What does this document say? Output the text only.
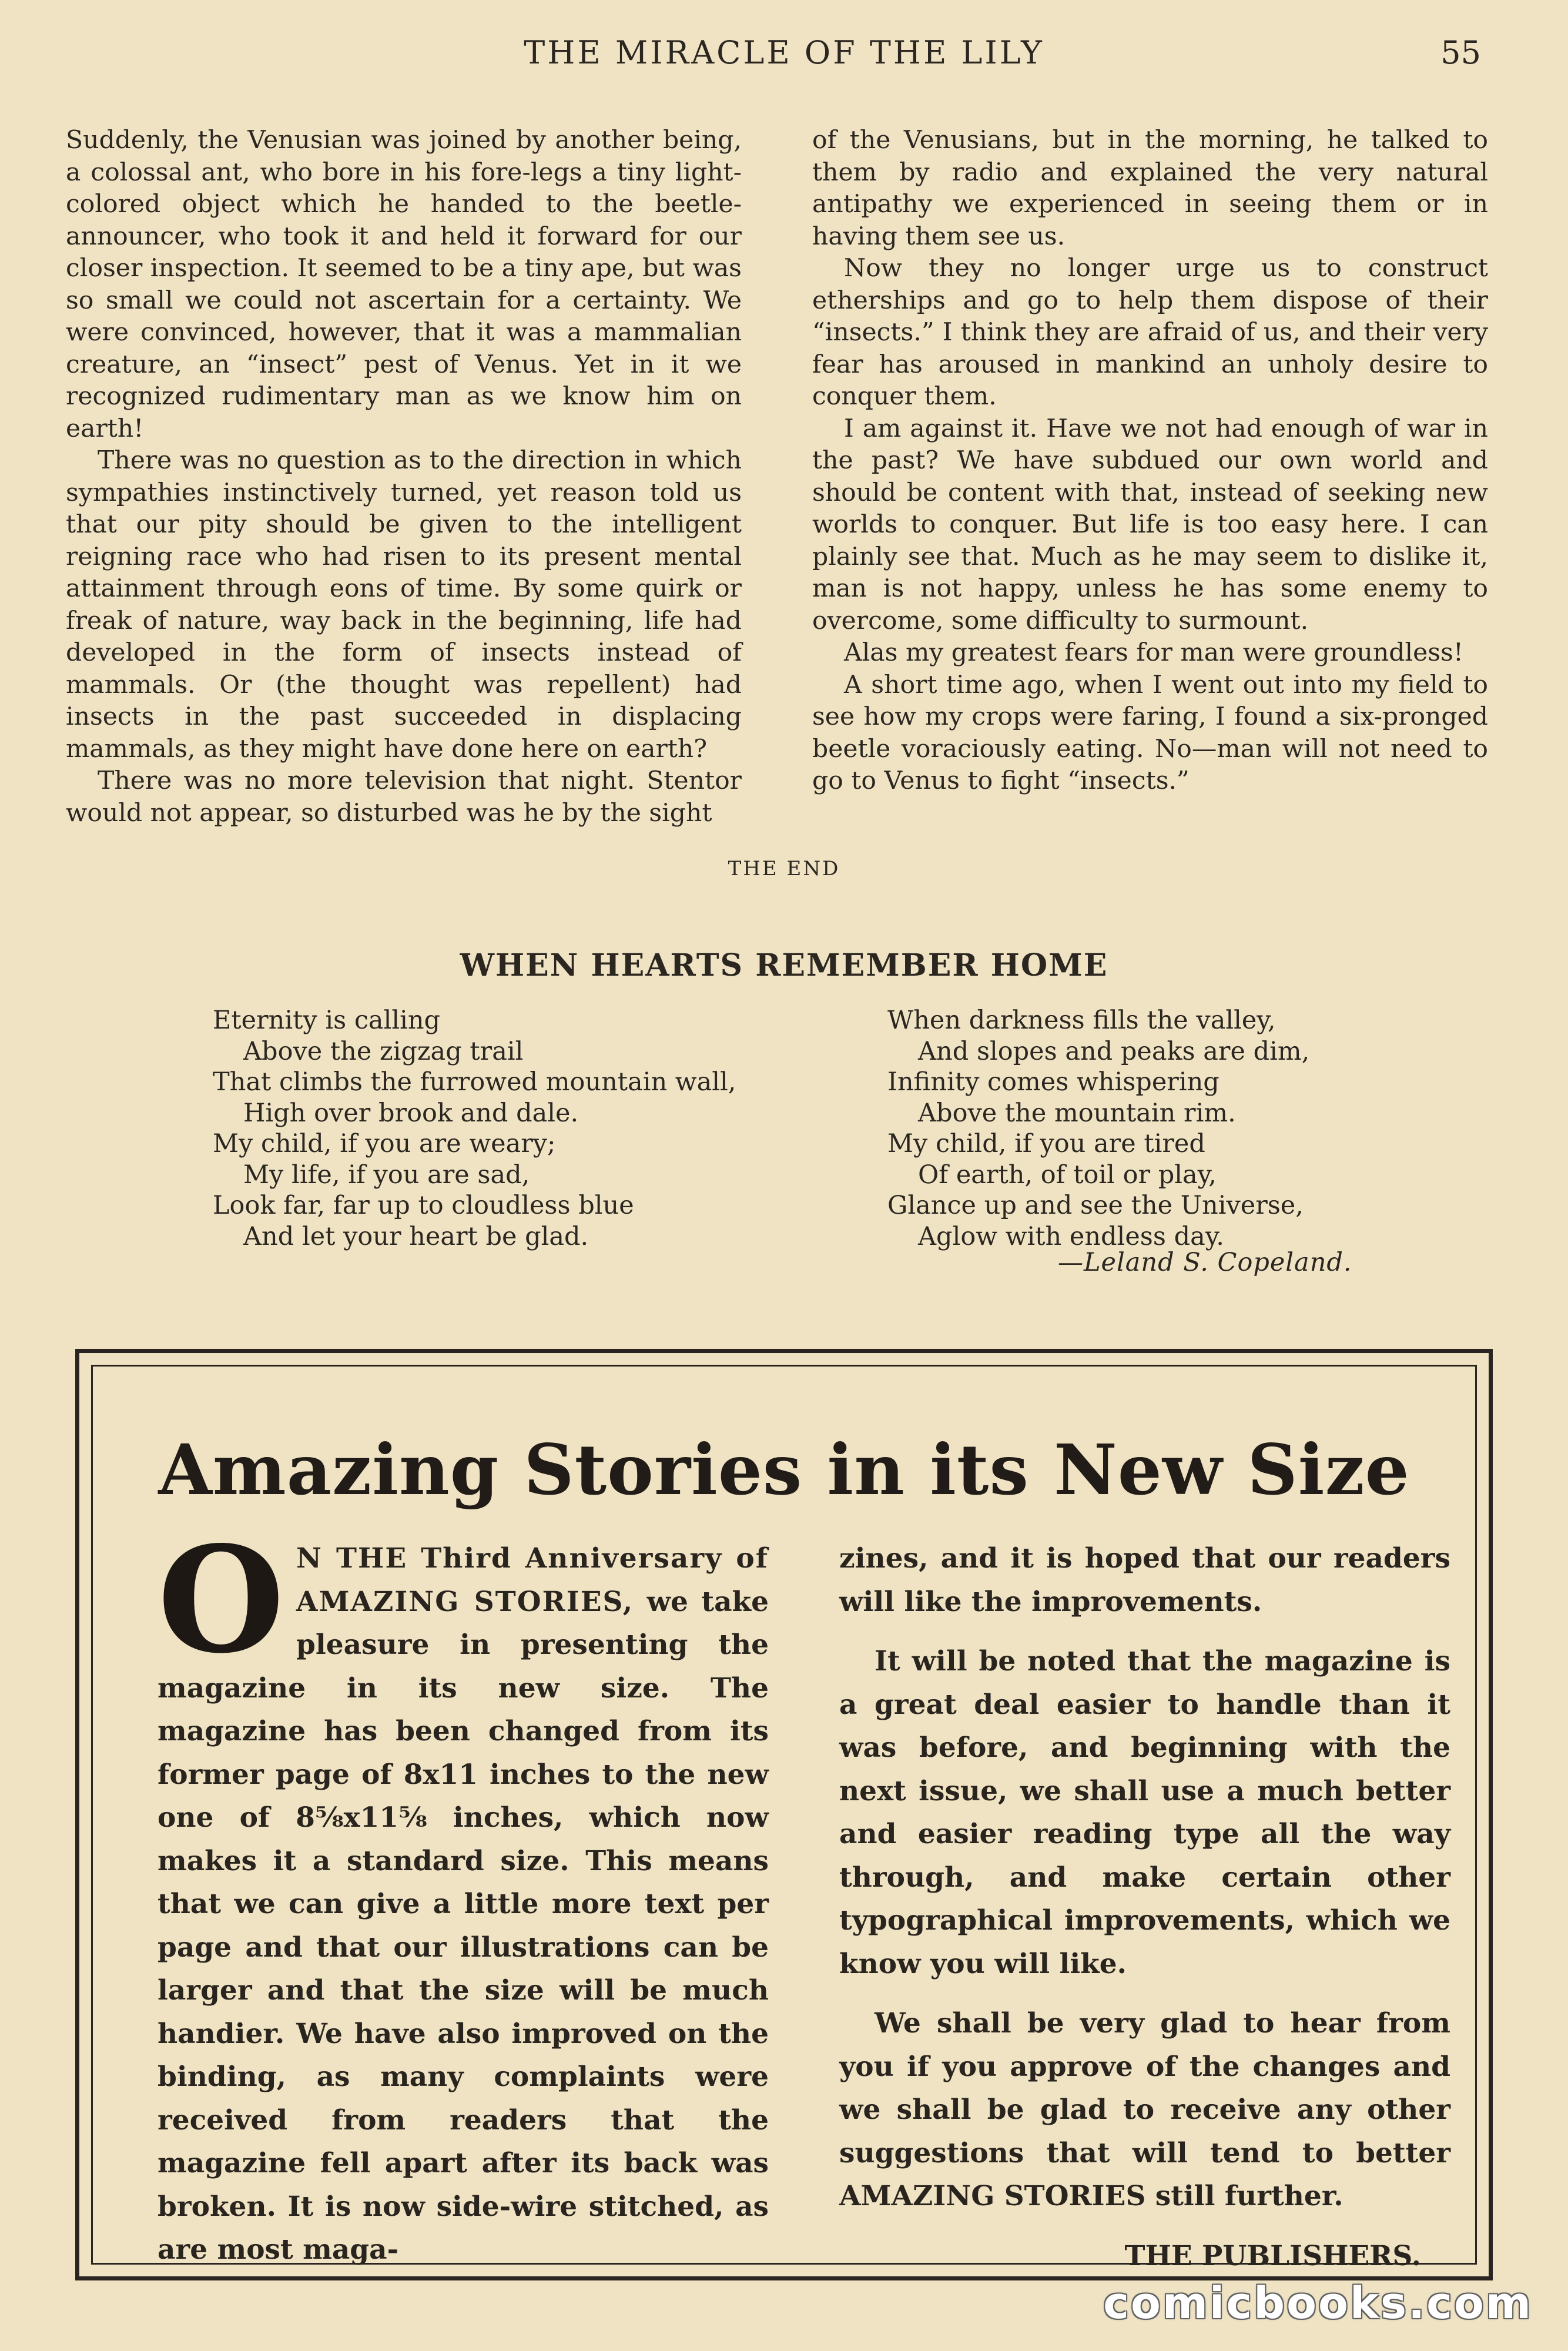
THE MIRACLE OF THE LILY	55

Suddenly, the Venusian was joined by another being, a colossal ant, who bore in his fore-legs a tiny light-colored object which he handed to the beetle-announcer, who took it and held it forward for our closer inspection. It seemed to be a tiny ape, but was so small we could not ascertain for a certainty. We were convinced, however, that it was a mammalian creature, an “insect” pest of Venus. Yet in it we recognized rudimentary man as we know him on earth!

There was no question as to the direction in which sympathies instinctively turned, yet reason told us that our pity should be given to the intelligent reigning race who had risen to its present mental attainment through eons of time. By some quirk or freak of nature, way back in the beginning, life had developed in the form of insects instead of mammals. Or (the thought was repellent) had insects in the past succeeded in displacing mammals, as they might have done here on earth?

There was no more television that night. Stentor would not appear, so disturbed was he by the sight

of the Venusians, but in the morning, he talked to them by radio and explained the very natural antipathy we experienced in seeing them or in having them see us.

Now they no longer urge us to construct etherships and go to help them dispose of their “insects.” I think they are afraid of us, and their very fear has aroused in mankind an unholy desire to conquer them.

I am against it. Have we not had enough of war in the past? We have subdued our own world and should be content with that, instead of seeking new worlds to conquer. But life is too easy here. I can plainly see that. Much as he may seem to dislike it, man is not happy, unless he has some enemy to overcome, some difficulty to surmount.

Alas my greatest fears for man were groundless!

A short time ago, when I went out into my field to see how my crops were faring, I found a six-pronged beetle voraciously eating. No—man will not need to go to Venus to fight “insects.”

THE END
WHEN HEARTS REMEMBER HOME
Eternity is calling
Above the zigzag trail
That climbs the furrowed mountain wall,
High over brook and dale.
My child, if you are weary;
My life, if you are sad,
Look far, far up to cloudless blue
And let your heart be glad.
When darkness fills the valley,
And slopes and peaks are dim,
Infinity comes whispering
Above the mountain rim.
My child, if you are tired
Of earth, of toil or play,
Glance up and see the Universe,
Aglow with endless day.
—Leland S. Copeland.
Amazing Stories in its New Size

O N THE Third Anniversary of AMAZING STORIES, we take pleasure in presenting the magazine in its new size. The magazine has been changed from its former page of 8x11 inches to the new one of 8⅝x11⅝ inches, which now makes it a standard size. This means that we can give a little more text per page and that our illustrations can be larger and that the size will be much handier. We have also improved on the binding, as many complaints were received from readers that the magazine fell apart after its back was broken. It is now side-wire stitched, as are most maga-

zines, and it is hoped that our readers will like the improvements.

It will be noted that the magazine is a great deal easier to handle than it was before, and beginning with the next issue, we shall use a much better and easier reading type all the way through, and make certain other typographical improvements, which we know you will like.

We shall be very glad to hear from you if you approve of the changes and we shall be glad to receive any other suggestions that will tend to better AMAZING STORIES still further.

THE PUBLISHERS.

comicbooks.com
